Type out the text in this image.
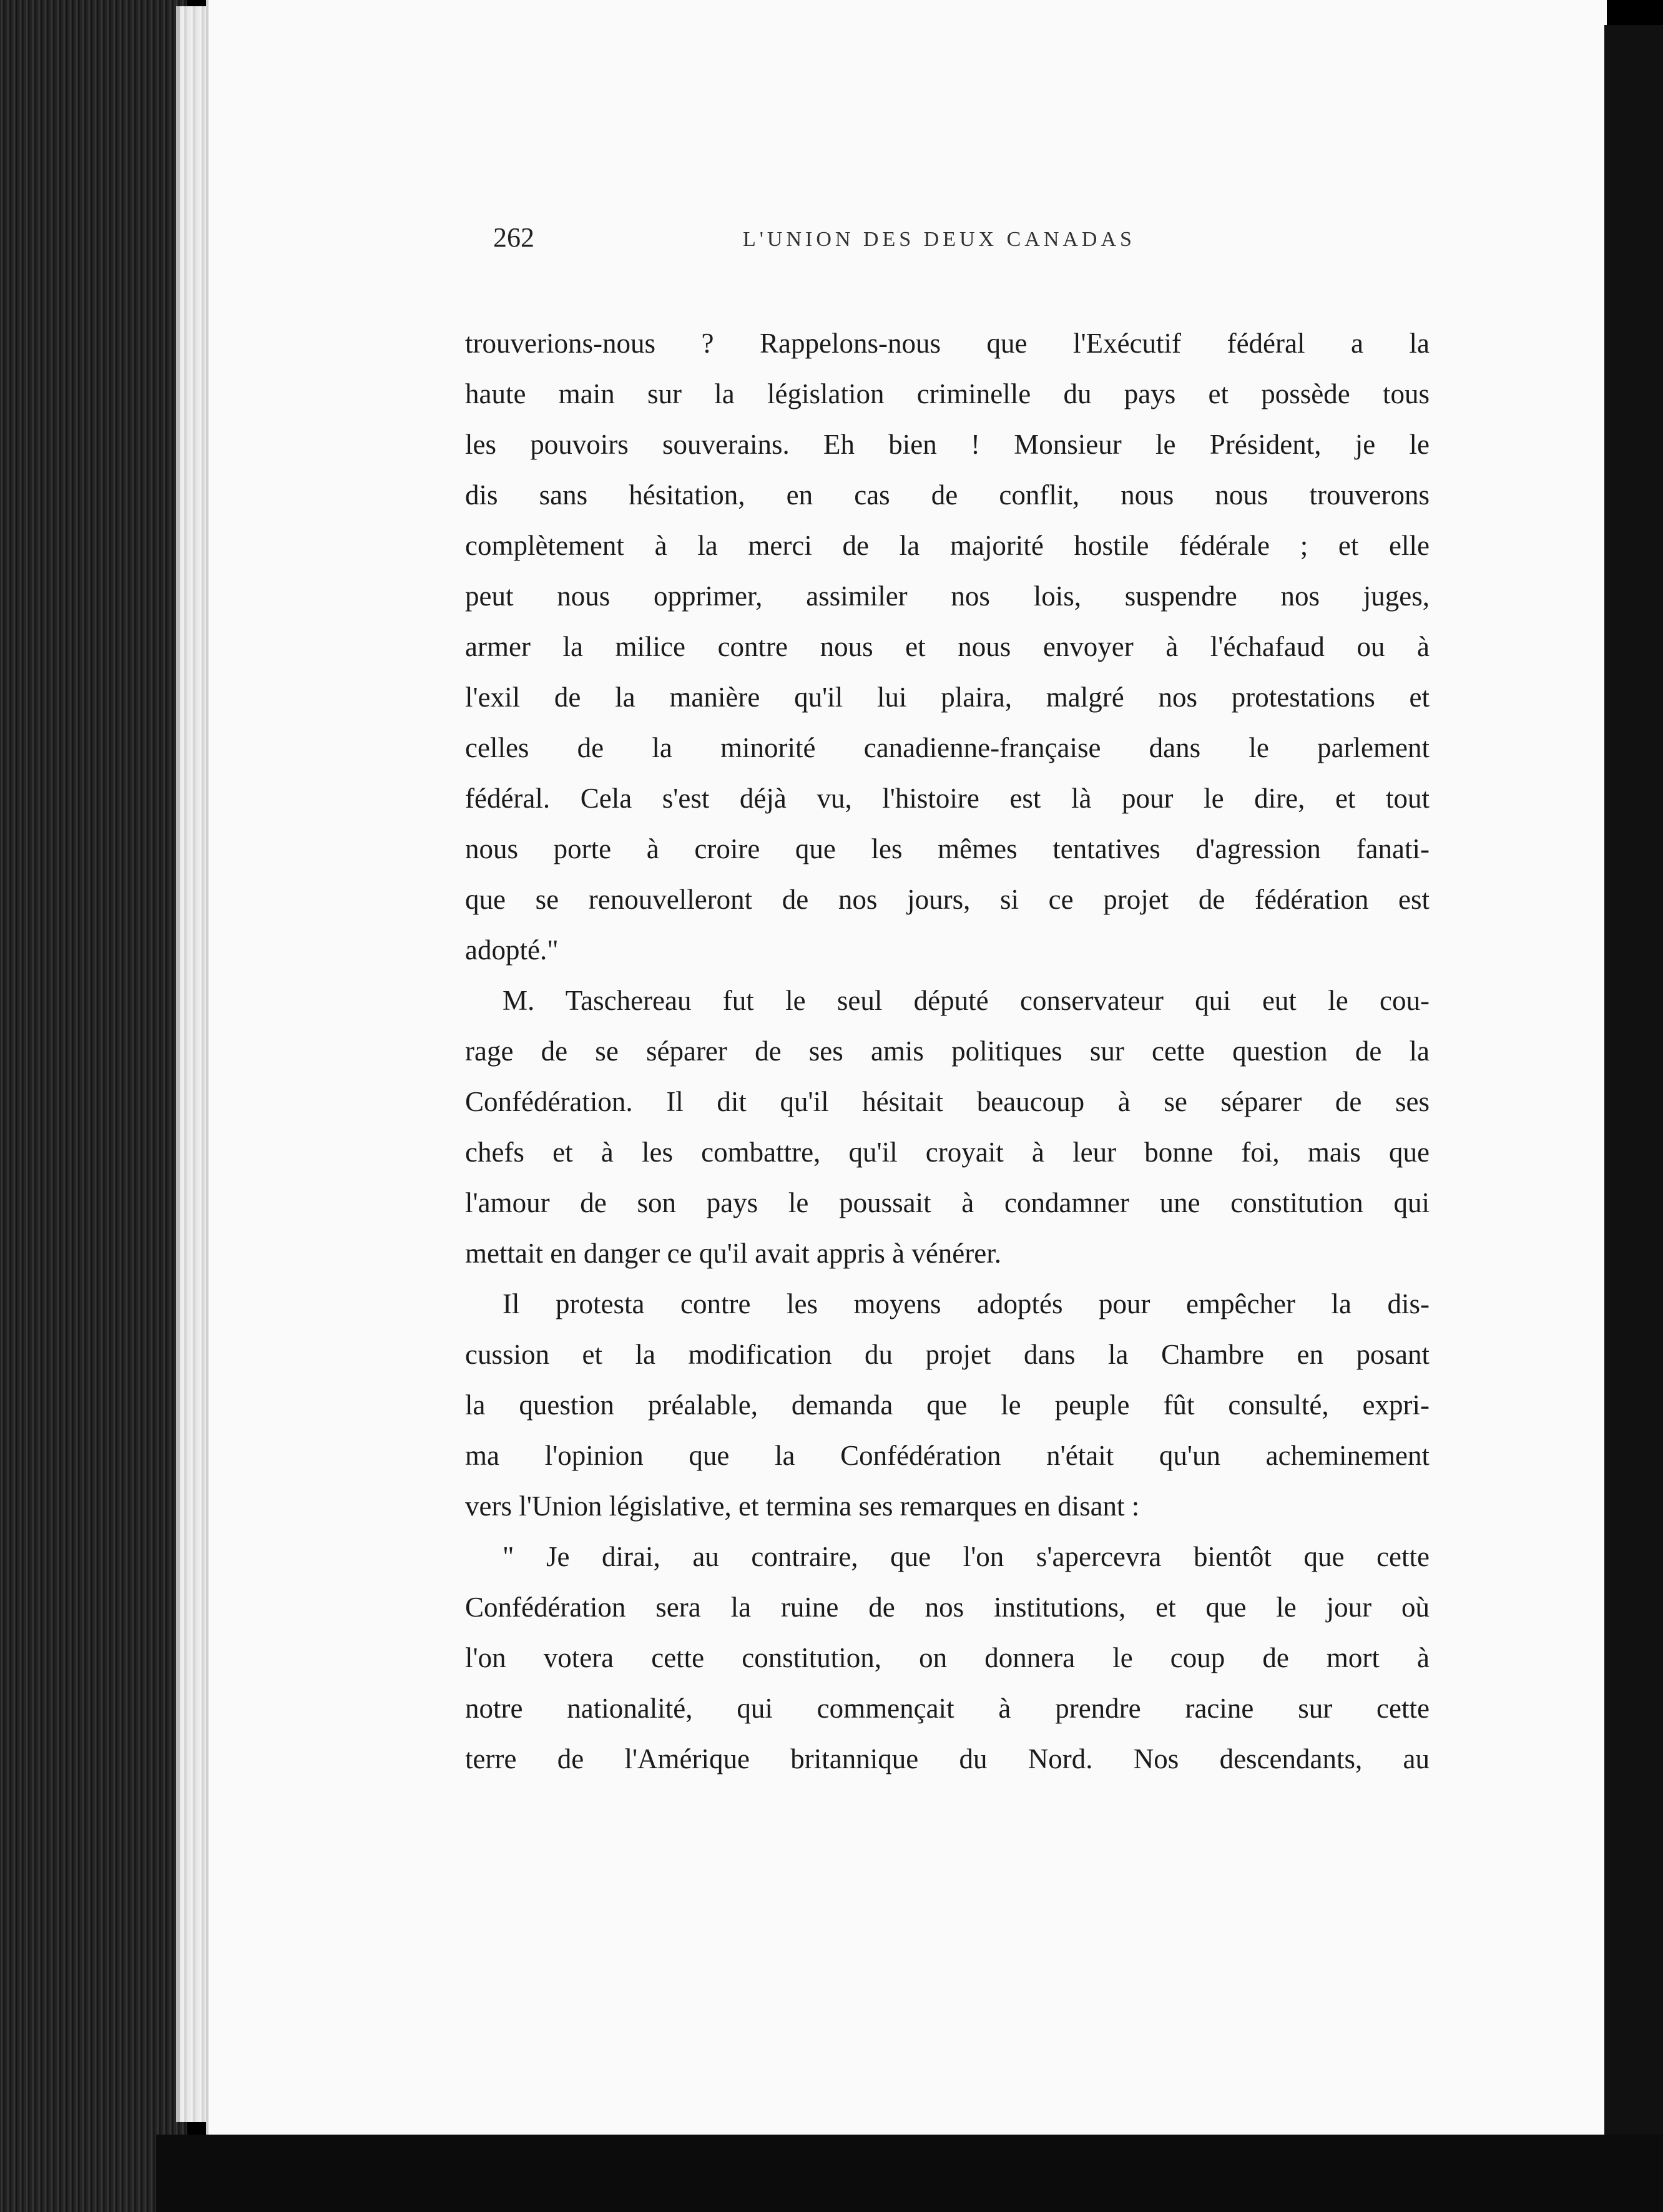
262	L'UNION DES DEUX CANADAS
trouverions-nous ? Rappelons-nous que l'Exécutif fédéral a la
haute main sur la législation criminelle du pays et possède tous
les pouvoirs souverains. Eh bien ! Monsieur le Président, je le
dis sans hésitation, en cas de conflit, nous nous trouverons
complètement à la merci de la majorité hostile fédérale ; et elle
peut nous opprimer, assimiler nos lois, suspendre nos juges,
armer la milice contre nous et nous envoyer à l'échafaud ou à
l'exil de la manière qu'il lui plaira, malgré nos protestations et
celles de la minorité canadienne-française dans le parlement
fédéral. Cela s'est déjà vu, l'histoire est là pour le dire, et tout
nous porte à croire que les mêmes tentatives d'agression fanati-
que se renouvelleront de nos jours, si ce projet de fédération est
adopté."
M. Taschereau fut le seul député conservateur qui eut le cou-
rage de se séparer de ses amis politiques sur cette question de la
Confédération. Il dit qu'il hésitait beaucoup à se séparer de ses
chefs et à les combattre, qu'il croyait à leur bonne foi, mais que
l'amour de son pays le poussait à condamner une constitution qui
mettait en danger ce qu'il avait appris à vénérer.
Il protesta contre les moyens adoptés pour empêcher la dis-
cussion et la modification du projet dans la Chambre en posant
la question préalable, demanda que le peuple fût consulté, expri-
ma l'opinion que la Confédération n'était qu'un acheminement
vers l'Union législative, et termina ses remarques en disant :
" Je dirai, au contraire, que l'on s'apercevra bientôt que cette
Confédération sera la ruine de nos institutions, et que le jour où
l'on votera cette constitution, on donnera le coup de mort à
notre nationalité, qui commençait à prendre racine sur cette
terre de l'Amérique britannique du Nord. Nos descendants, au
